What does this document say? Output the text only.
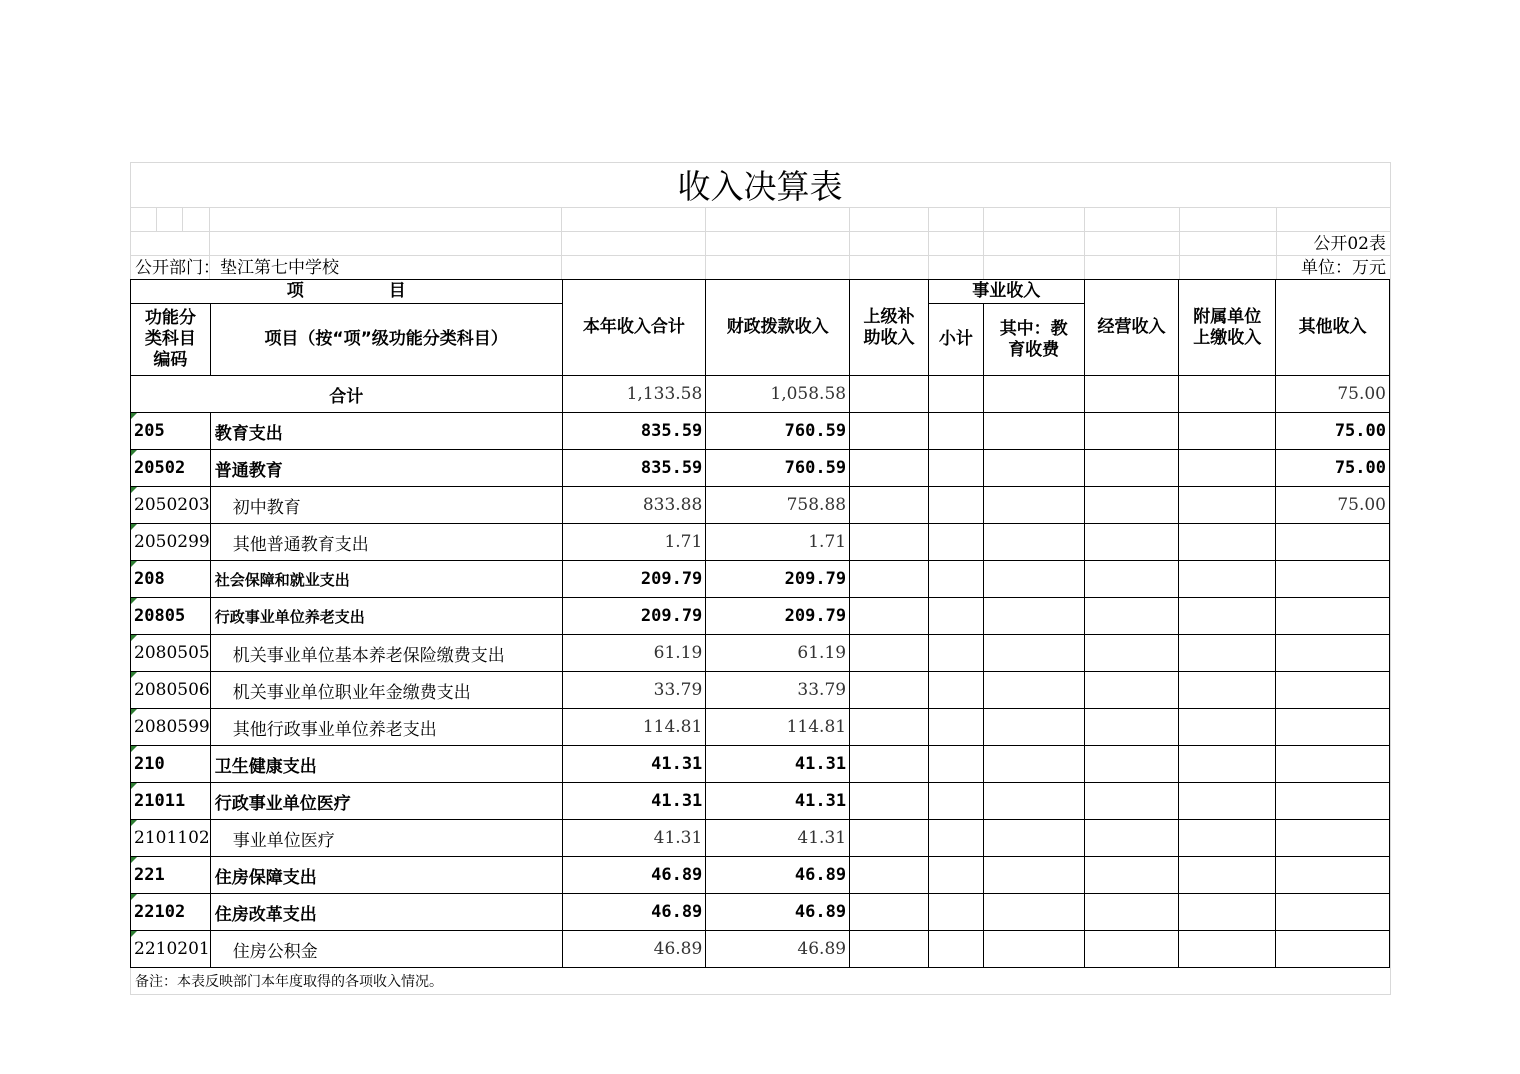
收入决算表
公开02表
公开部门：垫江第七中学校	单位：万元
项　　　　　目		本年收入合计	财政拨款收入	上级补助收入	事业收入		经营收入	附属单位上缴收入	其他收入
功能分类科目编码	项目（按“项”级功能分类科目）				小计	其中：教育收费			
合计		1,133.58	1,058.58						75.00
205	教育支出	835.59	760.59						75.00
20502	普通教育	835.59	760.59						75.00
2050203	初中教育	833.88	758.88						75.00
2050299	其他普通教育支出	1.71	1.71						
208	社会保障和就业支出	209.79	209.79						
20805	行政事业单位养老支出	209.79	209.79						
2080505	机关事业单位基本养老保险缴费支出	61.19	61.19						
2080506	机关事业单位职业年金缴费支出	33.79	33.79						
2080599	其他行政事业单位养老支出	114.81	114.81						
210	卫生健康支出	41.31	41.31						
21011	行政事业单位医疗	41.31	41.31						
2101102	事业单位医疗	41.31	41.31						
221	住房保障支出	46.89	46.89						
22102	住房改革支出	46.89	46.89						
2210201	住房公积金	46.89	46.89						
备注：本表反映部门本年度取得的各项收入情况。
